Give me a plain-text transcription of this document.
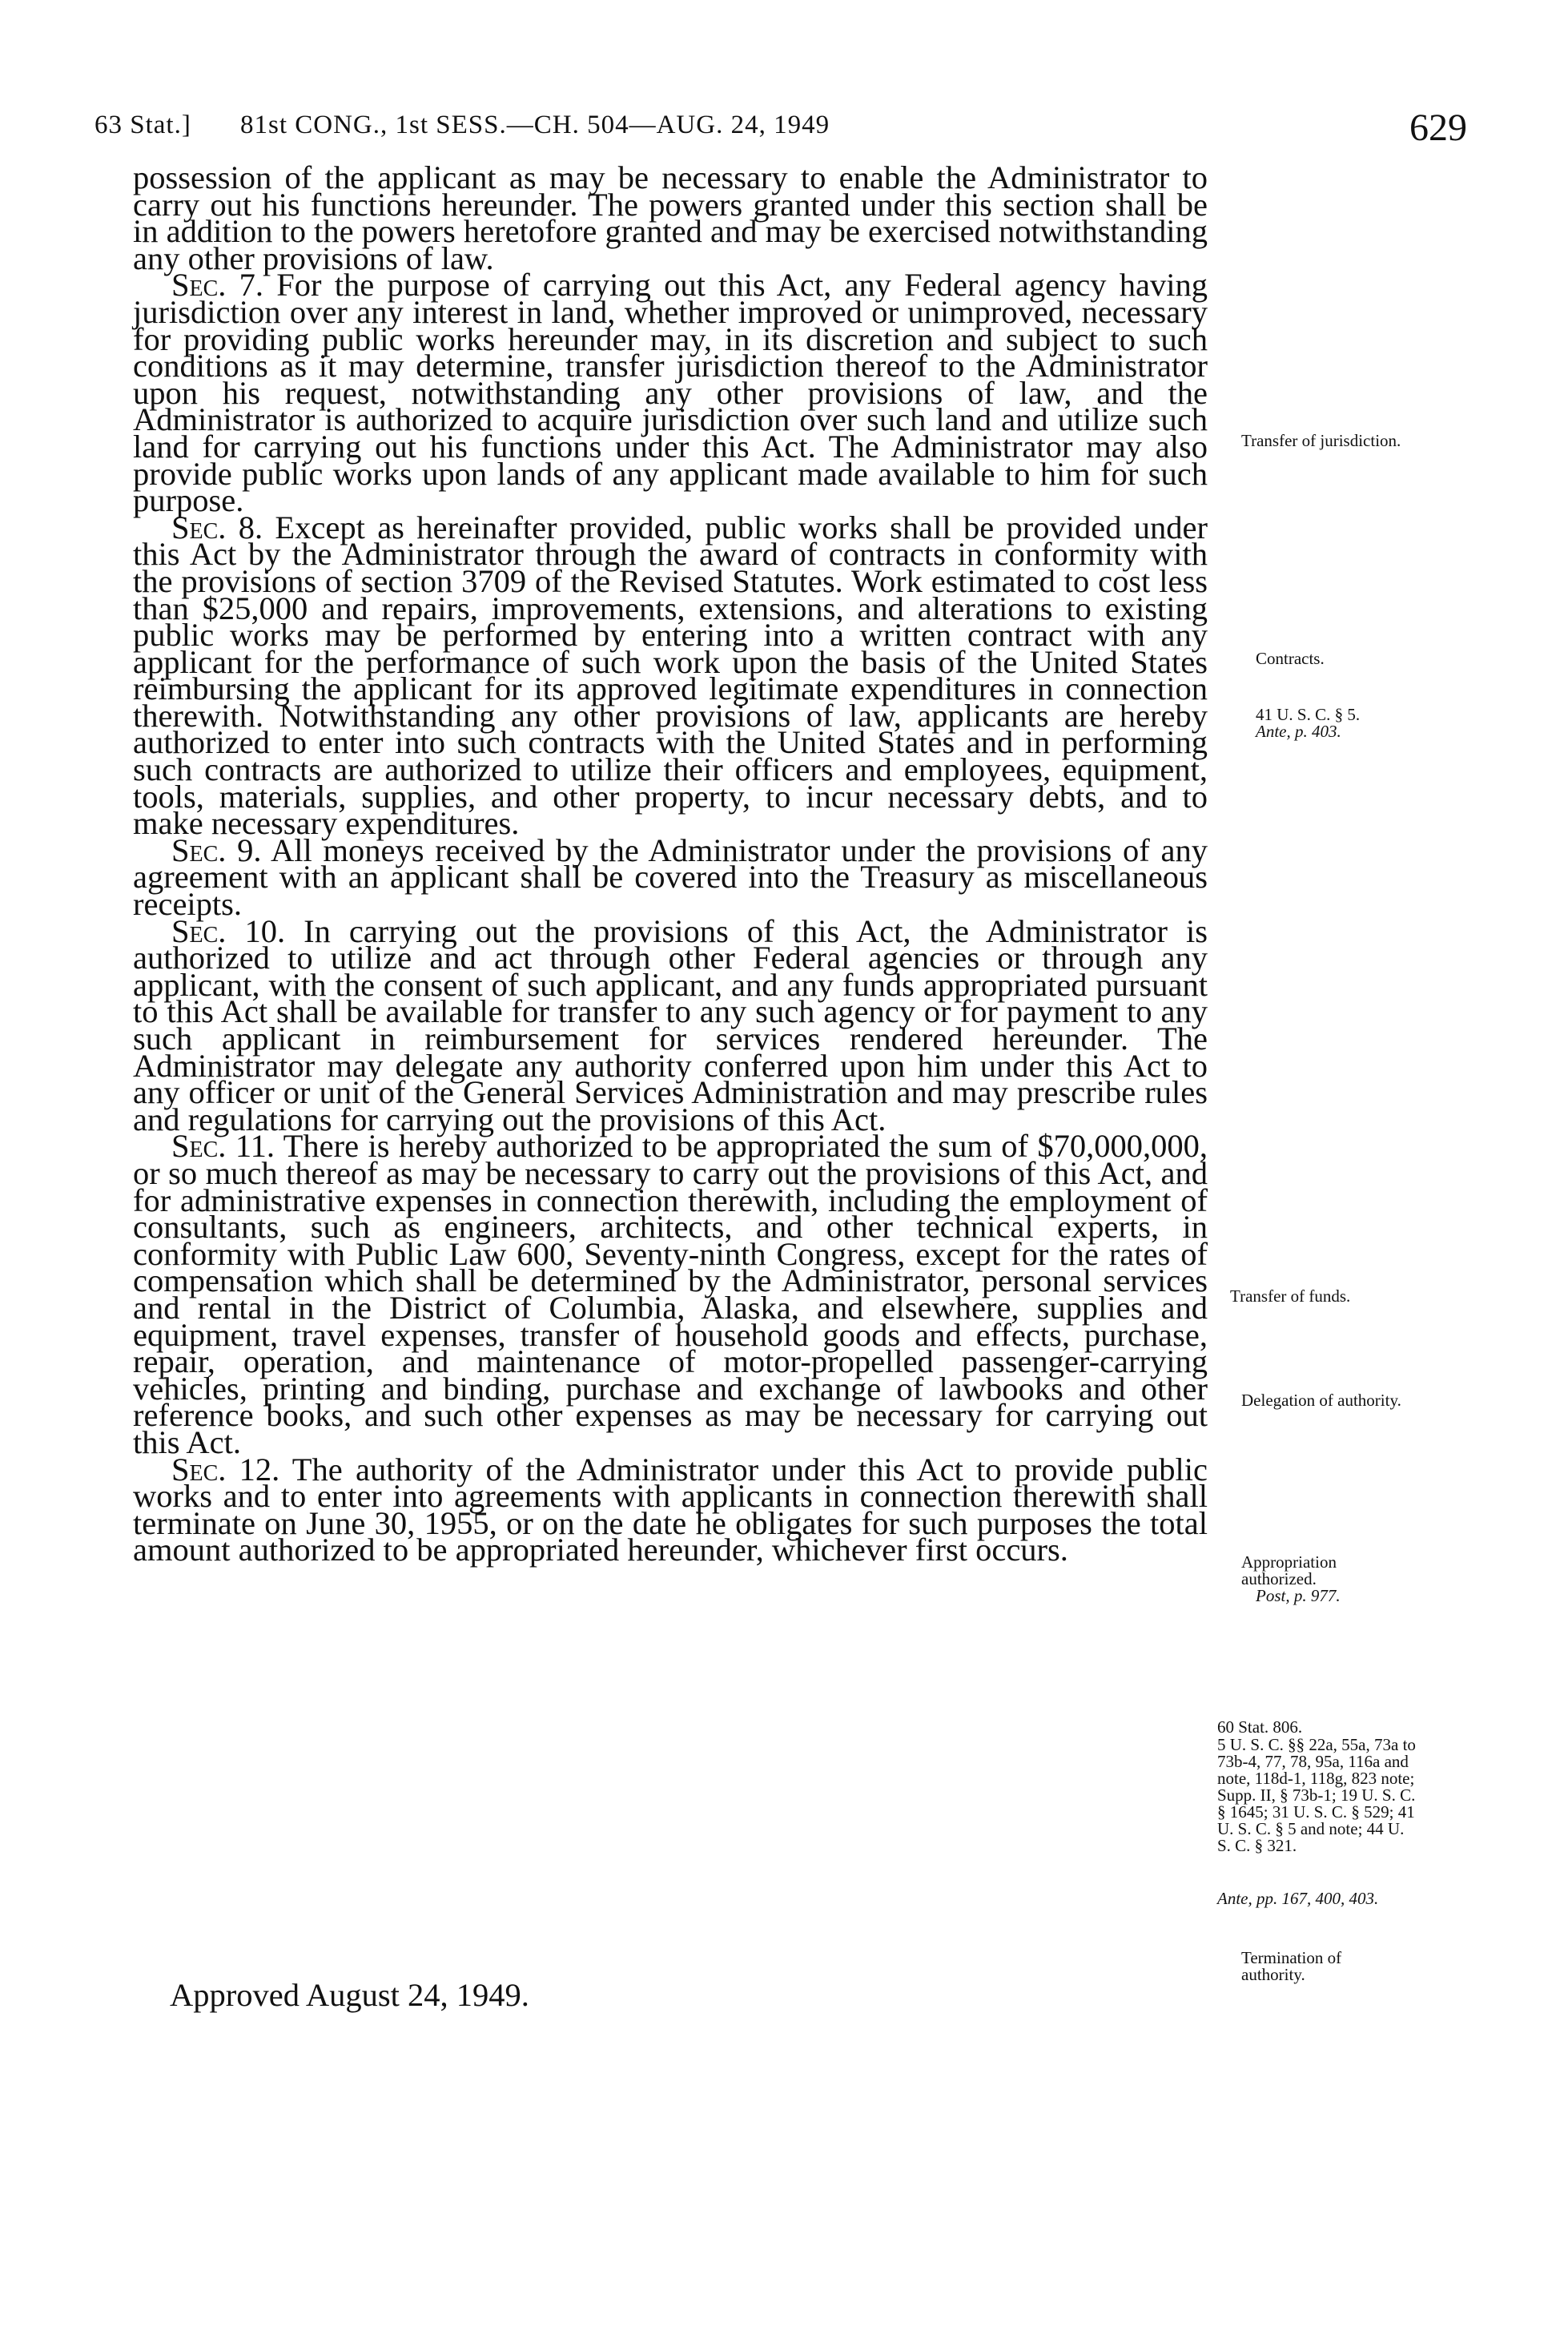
63 Stat.] 81st CONG., 1st SESS.—CH. 504—AUG. 24, 1949	629

possession of the applicant as may be necessary to enable the Administrator to carry out his functions hereunder. The powers granted under this section shall be in addition to the powers heretofore granted and may be exercised notwithstanding any other provisions of law.

Sec. 7. For the purpose of carrying out this Act, any Federal agency having jurisdiction over any interest in land, whether improved or unimproved, necessary for providing public works hereunder may, in its discretion and subject to such conditions as it may determine, transfer jurisdiction thereof to the Administrator upon his request, notwithstanding any other provisions of law, and the Administrator is authorized to acquire jurisdiction over such land and utilize such land for carrying out his functions under this Act. The Administrator may also provide public works upon lands of any applicant made available to him for such purpose.

Sec. 8. Except as hereinafter provided, public works shall be provided under this Act by the Administrator through the award of contracts in conformity with the provisions of section 3709 of the Revised Statutes. Work estimated to cost less than $25,000 and repairs, improvements, extensions, and alterations to existing public works may be performed by entering into a written contract with any applicant for the performance of such work upon the basis of the United States reimbursing the applicant for its approved legitimate expenditures in connection therewith. Notwithstanding any other provisions of law, applicants are hereby authorized to enter into such contracts with the United States and in performing such contracts are authorized to utilize their officers and employees, equipment, tools, materials, supplies, and other property, to incur necessary debts, and to make necessary expenditures.

Sec. 9. All moneys received by the Administrator under the provisions of any agreement with an applicant shall be covered into the Treasury as miscellaneous receipts.

Sec. 10. In carrying out the provisions of this Act, the Administrator is authorized to utilize and act through other Federal agencies or through any applicant, with the consent of such applicant, and any funds appropriated pursuant to this Act shall be available for transfer to any such agency or for payment to any such applicant in reimbursement for services rendered hereunder. The Administrator may delegate any authority conferred upon him under this Act to any officer or unit of the General Services Administration and may prescribe rules and regulations for carrying out the provisions of this Act.

Sec. 11. There is hereby authorized to be appropriated the sum of $70,000,000, or so much thereof as may be necessary to carry out the provisions of this Act, and for administrative expenses in connection therewith, including the employment of consultants, such as engineers, architects, and other technical experts, in conformity with Public Law 600, Seventy-ninth Congress, except for the rates of compensation which shall be determined by the Administrator, personal services and rental in the District of Columbia, Alaska, and elsewhere, supplies and equipment, travel expenses, transfer of household goods and effects, purchase, repair, operation, and maintenance of motor-propelled passenger-carrying vehicles, printing and binding, purchase and exchange of lawbooks and other reference books, and such other expenses as may be necessary for carrying out this Act.

Sec. 12. The authority of the Administrator under this Act to provide public works and to enter into agreements with applicants in connection therewith shall terminate on June 30, 1955, or on the date he obligates for such purposes the total amount authorized to be appropriated hereunder, whichever first occurs.

Approved August 24, 1949.
Transfer of jurisdiction.
Contracts.
41 U. S. C. § 5.
Ante, p. 403.
Transfer of funds.
Delegation of authority.
Appropriation authorized.
Post, p. 977.
60 Stat. 806.
5 U. S. C. §§ 22a, 55a, 73a to 73b-4, 77, 78, 95a, 116a and note, 118d-1, 118g, 823 note; Supp. II, § 73b-1; 19 U. S. C. § 1645; 31 U. S. C. § 529; 41 U. S. C. § 5 and note; 44 U. S. C. § 321.
Ante, pp. 167, 400, 403.
Termination of authority.
